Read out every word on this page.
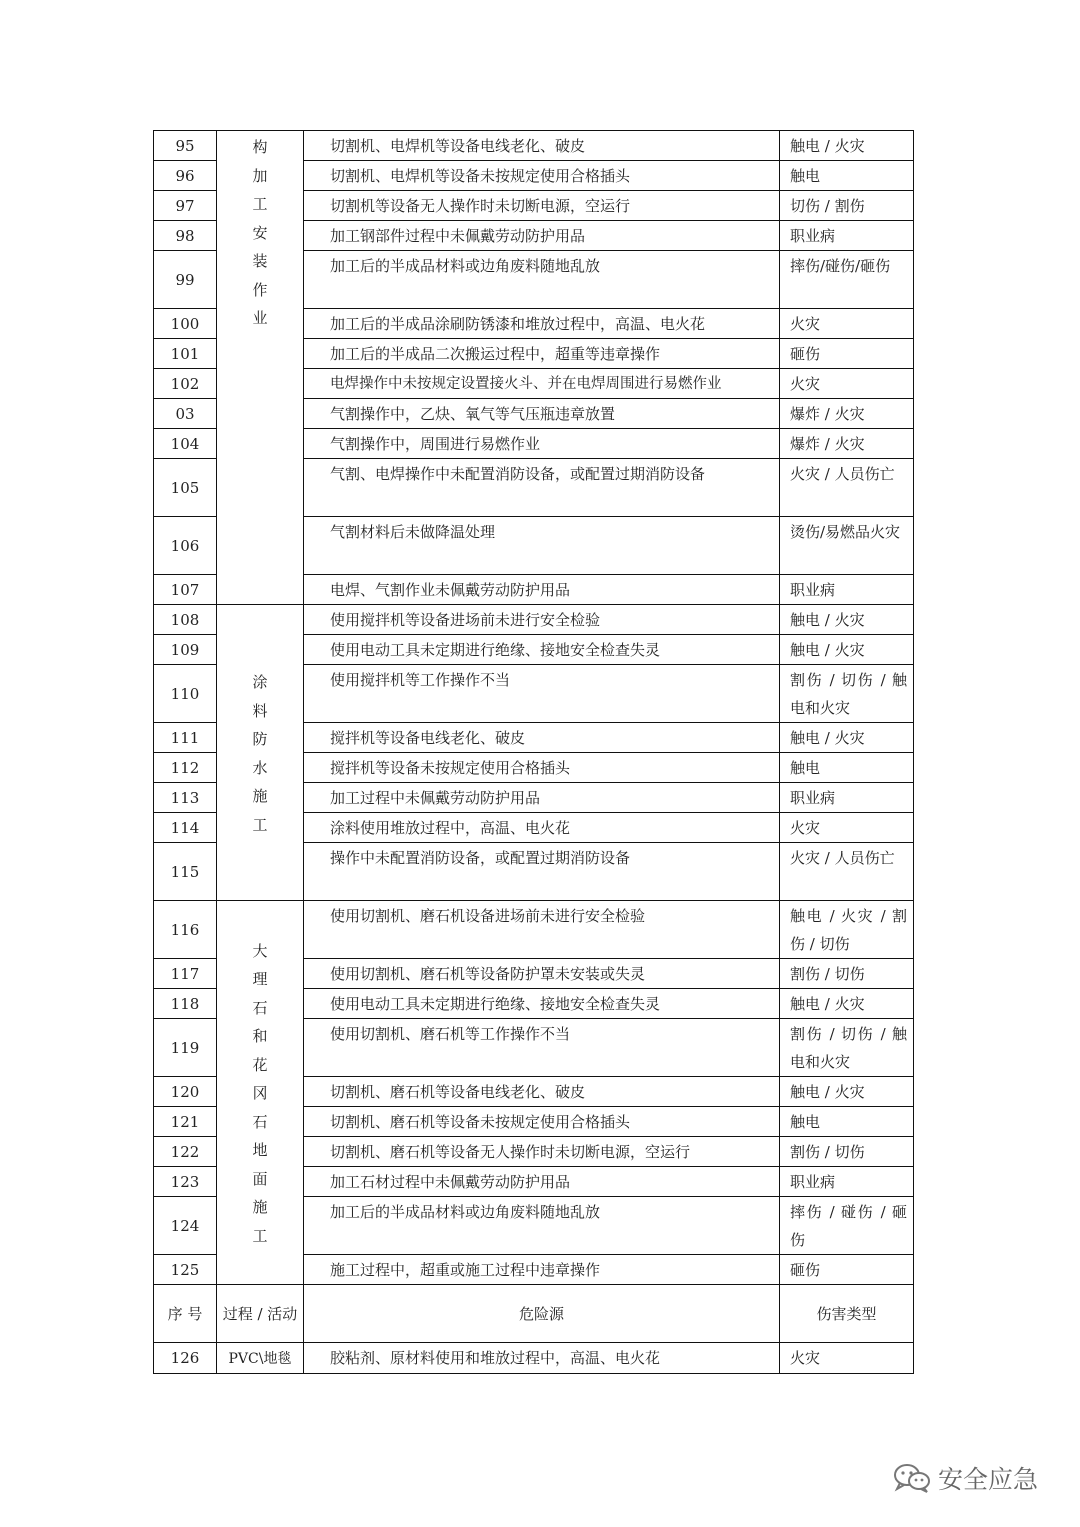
95	构加工安装作业	切割机、电焊机等设备电线老化、破皮	触电 / 火灾
96		切割机、电焊机等设备未按规定使用合格插头	触电
97		切割机等设备无人操作时未切断电源，空运行	切伤 / 割伤
98		加工钢部件过程中未佩戴劳动防护用品	职业病
99		加工后的半成品材料或边角废料随地乱放	摔伤/碰伤/砸伤
100		加工后的半成品涂刷防锈漆和堆放过程中，高温、电火花	火灾
101		加工后的半成品二次搬运过程中，超重等违章操作	砸伤
102		电焊操作中未按规定设置接火斗、并在电焊周围进行易燃作业	火灾
03		气割操作中，乙炔、氧气等气压瓶违章放置	爆炸 / 火灾
104		气割操作中，周围进行易燃作业	爆炸 / 火灾
105		气割、电焊操作中未配置消防设备，或配置过期消防设备	火灾 / 人员伤亡
106		气割材料后未做降温处理	烫伤/易燃品火灾
107		电焊、气割作业未佩戴劳动防护用品	职业病
108	涂料防水施工	使用搅拌机等设备进场前未进行安全检验	触电 / 火灾
109		使用电动工具未定期进行绝缘、接地安全检查失灵	触电 / 火灾
110		使用搅拌机等工作操作不当	割伤 / 切伤 / 触电和火灾
111		搅拌机等设备电线老化、破皮	触电 / 火灾
112		搅拌机等设备未按规定使用合格插头	触电
113		加工过程中未佩戴劳动防护用品	职业病
114		涂料使用堆放过程中，高温、电火花	火灾
115		操作中未配置消防设备，或配置过期消防设备	火灾 / 人员伤亡
116	大理石和花冈石地面施工	使用切割机、磨石机设备进场前未进行安全检验	触电 / 火灾 / 割伤 / 切伤
117		使用切割机、磨石机等设备防护罩未安装或失灵	割伤 / 切伤
118		使用电动工具未定期进行绝缘、接地安全检查失灵	触电 / 火灾
119		使用切割机、磨石机等工作操作不当	割伤 / 切伤 / 触电和火灾
120		切割机、磨石机等设备电线老化、破皮	触电 / 火灾
121		切割机、磨石机等设备未按规定使用合格插头	触电
122		切割机、磨石机等设备无人操作时未切断电源，空运行	割伤 / 切伤
123		加工石材过程中未佩戴劳动防护用品	职业病
124		加工后的半成品材料或边角废料随地乱放	摔伤 / 碰伤 / 砸伤
125		施工过程中，超重或施工过程中违章操作	砸伤
序 号	过程 / 活动	危险源	伤害类型
126	PVC\地毯	胶粘剂、原材料使用和堆放过程中，高温、电火花	火灾
安全应急
